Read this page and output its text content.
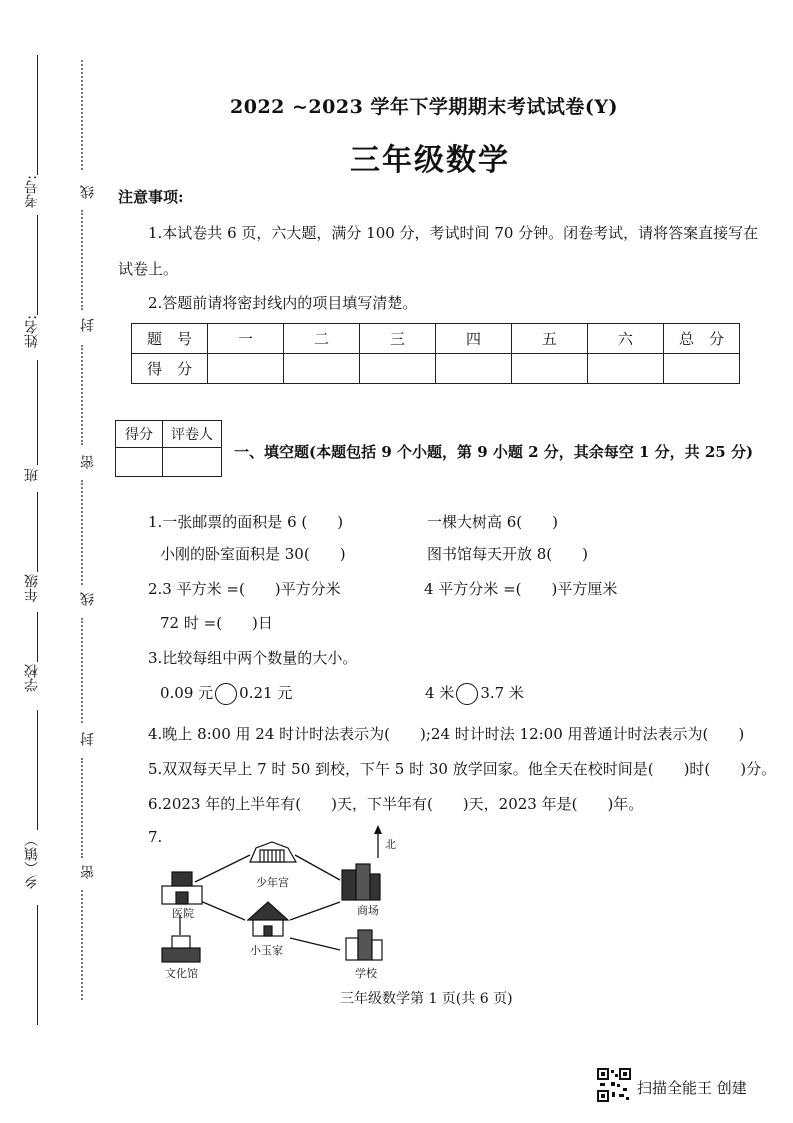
考号:
姓名:
班
年级
学校
乡（镇）
线
封
密
线
封
密
2022 ~2023 学年下学期期末考试试卷(Y)
三年级数学
注意事项:
1.本试卷共 6 页，六大题，满分 100 分，考试时间 70 分钟。闭卷考试，请将答案直接写在
试卷上。
2.答题前请将密封线内的项目填写清楚。
题　号	一	二	三	四	五	六	总　分
得　分							
得分	评卷人

一、填空题(本题包括 9 个小题，第 9 小题 2 分，其余每空 1 分，共 25 分)
1.一张邮票的面积是 6 (　　)	一棵大树高 6(　　)
小刚的卧室面积是 30(　　)	图书馆每天开放 8(　　)
2.3 平方米 =(　　)平方分米	4 平方分米 =(　　)平方厘米
72 时 =(　　)日
3.比较每组中两个数量的大小。
0.09 元 0.21 元	4 米 3.7 米
4.晚上 8:00 用 24 时计时法表示为(　　);24 时计时法 12:00 用普通计时法表示为(　　)
5.双双每天早上 7 时 50 到校，下午 5 时 30 放学回家。他全天在校时间是(　　)时(　　)分。
6.2023 年的上半年有(　　)天，下半年有(　　)天，2023 年是(　　)年。
7.	北
少年宫
医院	商场
小玉家
文化馆	学校
三年级数学第 1 页(共 6 页)
扫描全能王 创建
